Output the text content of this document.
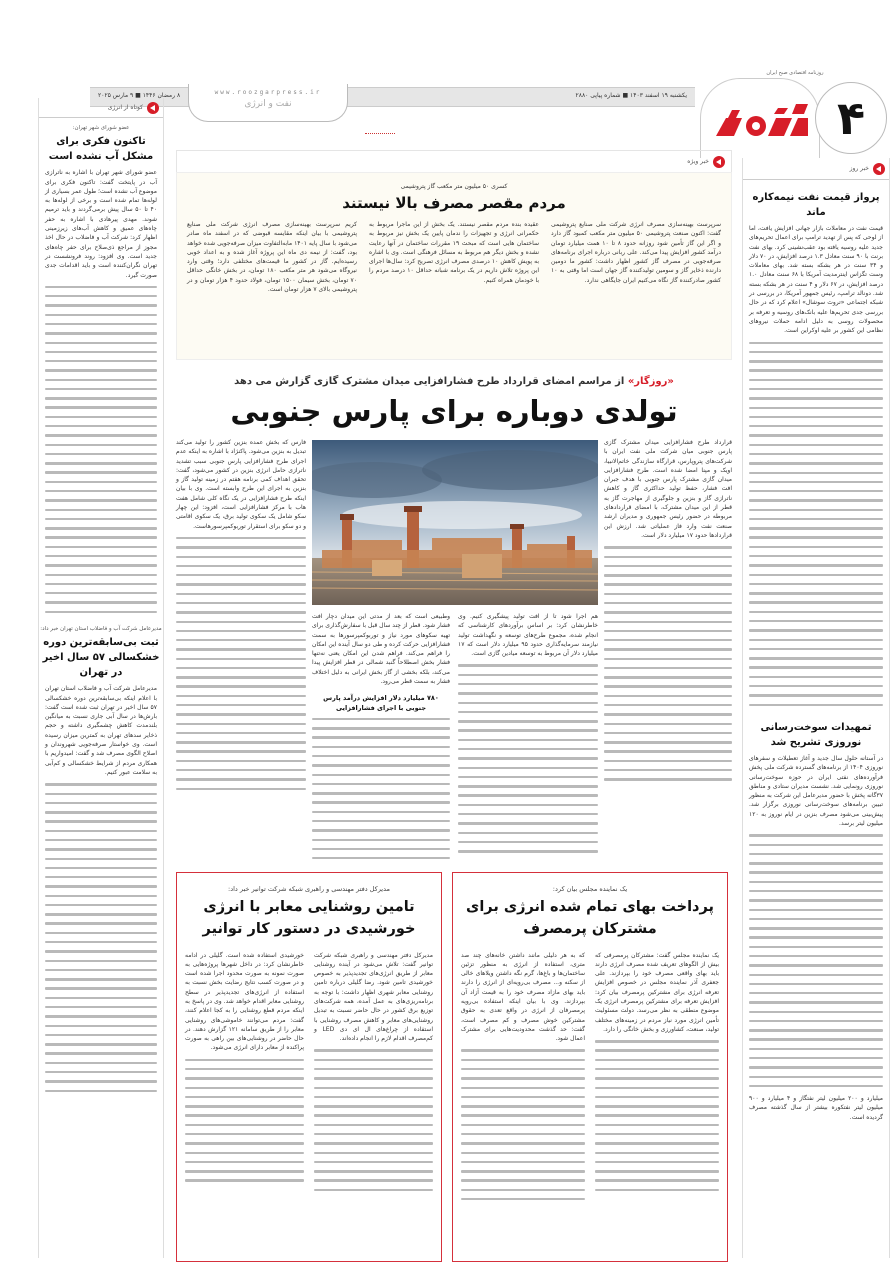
روزنامه اقتصادی صبح ایران
۴
یکشنبه ۱۹ اسفند ۱۴۰۳ ■ شماره پیاپی ۲۸۸۰
۸ رمضان ۱۴۴۶ ■ ۹ مارس ۲۰۲۵	www.roozgarpress.ir
نفت و انرژی
خبر روز
پرواز قیمت نفت نیمه‌کاره ماند

قیمت نفت در معاملات بازار جهانی افزایش یافت، اما از لوحی که پس از تهدید ترامپ برای اعمال تحریم‌های جدید علیه روسیه یافته بود عقب‌نشینی کرد. بهای نفت برنت با ۹۰ سنت معادل ۱.۳ درصد افزایش، در ۷۰ دلار و ۳۴ سنت در هر بشکه بسته شد. بهای معاملات وست تگزاس اینترمدیت آمریکا با ۶۸ سنت معادل ۱.۰ درصد افزایش، در ۶۷ دلار و ۴ سنت در هر بشکه بسته شد. دونالد ترامپ، رئیس جمهور آمریکا، در بررسی در شبکه اجتماعی «تروث سوشال» اعلام کرد که در حال بررسی جدی تحریم‌ها علیه بانک‌های روسیه و تعرفه بر محصولات روسی به دلیل ادامه حملات نیروهای نظامی این کشور بر علیه اوکراین است.

تمهیدات سوخت‌رسانی نوروزی تشریح شد

در آستانه حلول سال جدید و آغاز تعطیلات و سفرهای نوروزی ۱۴۰۴ از برنامه‌های گسترده شرکت ملی پخش فرآورده‌های نفتی ایران در حوزه سوخت‌رسانی نوروزی رونمایی شد. نشست مدیران ستادی و مناطق ۳۷گانه پخش با حضور مدیرعامل این شرکت به منظور تبیین برنامه‌های سوخت‌رسانی نوروزی برگزار شد. پیش‌بینی می‌شود مصرف بنزین در ایام نوروز به ۱۲۰ میلیون لیتر برسد.

میلیارد و ۲۰۰ میلیون لیتر نفتگاز و ۴ میلیارد و ۹۰۰ میلیون لیتر نفتکوره بیشتر از سال گذشته مصرف گردیده است.

کوتاه از انرژی
عضو شورای شهر تهران:
تاکنون فکری برای مشکل آب نشده است

عضو شورای شهر تهران با اشاره به ناترازی آب در پایتخت گفت: تاکنون فکری برای موضوع آب نشده است؛ طول عمر بسیاری از لوله‌ها تمام شده است و برخی از لوله‌ها به ۴۰ تا ۵۰ سال پیش برمی‌گردند و باید ترمیم شوند. مهدی پیرهادی با اشاره به حفر چاه‌های عمیق و کاهش آب‌های زیرزمینی اظهار کرد: شرکت آب و فاضلاب در حال اخذ مجوز از مراجع ذی‌صلاح برای حفر چاه‌های جدید است. وی افزود: روند فرونشست در تهران نگران‌کننده است و باید اقدامات جدی صورت گیرد.

مدیرعامل شرکت آب و فاضلاب استان تهران خبر داد:
ثبت بی‌سابقه‌ترین دوره خشکسالی ۵۷ سال اخیر در تهران

مدیرعامل شرکت آب و فاضلاب استان تهران با اعلام اینکه بی‌سابقه‌ترین دوره خشکسالی ۵۷ سال اخیر در تهران ثبت شده است گفت: بارش‌ها در سال آبی جاری نسبت به میانگین بلندمدت کاهش چشمگیری داشته و حجم ذخایر سدهای تهران به کمترین میزان رسیده است. وی خواستار صرفه‌جویی شهروندان و اصلاح الگوی مصرف شد و گفت: امیدواریم با همکاری مردم از شرایط خشکسالی و کم‌آبی به سلامت عبور کنیم.

خبر ویژه
کسری ۵۰ میلیون متر مکعب گاز پتروشیمی
مردم مقصر مصرف بالا نیستند

سرپرست بهینه‌سازی مصرف انرژی شرکت ملی صنایع پتروشیمی گفت: اکنون صنعت پتروشیمی ۵۰ میلیون متر مکعب کمبود گاز دارد و اگر این گاز تأمین شود روزانه حدود ۸ تا ۱۰ همت میلیارد تومان درآمد کشور افزایش پیدا می‌کند. علی ربانی درباره اجرای برنامه‌های صرفه‌جویی در مصرف گاز کشور اظهار داشت: کشور ما دومین دارنده ذخایر گاز و سومین تولیدکننده گاز جهان است اما وقتی به ۱۰ کشور صادرکننده گاز نگاه می‌کنیم ایران جایگاهی ندارد.

عقیده بنده مردم مقصر نیستند. یک بخش از این ماجرا مربوط به حکمرانی انرژی و تجهیزات را ندمان پایین یک بخش نیز مربوط به ساختمان هایی است که مبحث ۱۹ مقررات ساختمان در آنها رعایت نشده و بخش دیگر هم مربوط به مسائل فرهنگی است. وی با اشاره به پویش کاهش ۱۰ درصدی مصرف انرژی تصریح کرد: سال‌ها اجرای این پروژه تلاش داریم در یک برنامه شبانه حداقل ۱۰ درصد مردم را با خودمان همراه کنیم.

کریم سرپرست بهینه‌سازی مصرف انرژی شرکت ملی صنایع پتروشیمی با بیان اینکه مقایسه قبوضی که در اسفند ماه صادر می‌شود با سال پایه ۱۴۰۱ مابه‌التفاوت میزان صرفه‌جویی شده خواهد بود، گفت: از نیمه دی ماه این پروژه آغاز شده و به اعداد خوبی رسیده‌ایم. گاز در کشور ما قیمت‌های مختلفی دارد؛ وقتی وارد نیروگاه می‌شود هر متر مکعب ۱۸۰ تومان، در بخش خانگی حداقل ۷۰ تومان، بخش سیمان ۱۵۰۰ تومان، فولاد حدود ۴ هزار تومان و در پتروشیمی بالای ۷ هزار تومان است.

«روزگار» از مراسم امضای قرارداد طرح فشارافزایی میدان مشترک گازی گزارش می دهد
تولدی دوباره برای پارس جنوبی

قرارداد طرح فشارافزایی میدان مشترک گازی پارس جنوبی میان شرکت ملی نفت ایران با شرکت‌های پتروپارس، قرارگاه سازندگی خاتم‌الانبیا، اویک و مپنا امضا شده است. طرح فشارافزایی میدان گازی مشترک پارس جنوبی با هدف جبران افت فشار، حفظ تولید حداکثری گاز و کاهش ناترازی گاز و بنزین و جلوگیری از مهاجرت گاز به قطر از این میدان مشترک، با امضای قراردادهای مربوطه در حضور رئیس جمهوری و مدیران ارشد صنعت نفت وارد فاز عملیاتی شد. ارزش این قراردادها حدود ۱۷ میلیارد دلار است.

فارس که بخش عمده بنزین کشور را تولید می‌کند تبدیل به بنزین می‌شود. پاکنژاد با اشاره به اینکه عدم اجرای طرح فشارافزایی پارس جنوبی سبب تشدید ناترازی حامل انرژی بنزین در کشور می‌شود، گفت: تحقق اهداف کمی برنامه هفتم در زمینه تولید گاز و بنزین به اجرای این طرح وابسته است. وی با بیان اینکه طرح فشارافزایی در یک نگاه کلی شامل هفت هاب با مرکز فشارافزایی است، افزود: این چهار سکو شامل یک سکوی تولید برق، یک سکوی اقامتی و دو سکو برای استقرار توربوکمپرسورهاست.

هم اجرا شود تا از افت تولید پیشگیری کنیم. وی خاطرنشان کرد: بر اساس برآوردهای کارشناسی که انجام شده، مجموع طرح‌های توسعه و نگهداشت تولید نیازمند سرمایه‌گذاری حدود ۹۵ میلیارد دلار است که ۱۷ میلیارد دلار آن مربوط به توسعه میادین گازی است.

وطبیعی است که بعد از مدتی این میدان دچار افت فشار شود. قطر از چند سال قبل با سفارش‌گذاری برای تهیه سکوهای مورد نیاز و توربوکمپرسورها به سمت فشارافزایی حرکت کرده و طی دو سال آینده این امکان را فراهم می‌کند. فراهم شدن این امکان یعنی نه‌تنها فشار بخش اصطلاحاً گنبد شمالی در قطر افزایش پیدا می‌کند، بلکه بخشی از گاز بخش ایرانی به دلیل اختلاف فشار به سمت قطر می‌رود.

۷۸۰ میلیارد دلار افزایش درآمد پارس جنوبی با اجرای فشارافزایی
یک نماینده مجلس بیان کرد:
پرداخت بهای تمام شده انرژی برای مشترکان پرمصرف

یک نماینده مجلس گفت: مشترکان پرمصرفی که بیش از الگوهای تعریف شده مصرف انرژی دارند باید بهای واقعی مصرف خود را بپردازند. علی جعفری آذر نماینده مجلس در خصوص افزایش تعرفه انرژی برای مشترکین پرمصرف بیان کرد: افزایش تعرفه برای مشترکین پرمصرف انرژی یک موضوع منطقی به نظر می‌رسد. دولت مسئولیت تأمین انرژی مورد نیاز مردم در زمینه‌های مختلف تولید، صنعت، کشاورزی و بخش خانگی را دارد.

که به هر دلیلی مانند داشتن خانه‌های چند صد متری، استفاده از انرژی به منظور تزئین ساختمان‌ها و باغ‌ها، گرم نگه داشتن ویلاهای خالی از سکنه و... مصرف بی‌رویه‌ای از انرژی را دارند باید بهای مازاد مصرف خود را به قیمت آزاد آن بپردازند. وی با بیان اینکه استفاده بی‌رویه پرمصرفان از انرژی در واقع تعدی به حقوق مشترکین خوش مصرف و کم مصرف است، گفت: حد گذشت محدودیت‌هایی برای مشترک اعمال شود.

مدیرکل دفتر مهندسی و راهبری شبکه شرکت توانیر خبر داد:
تامین روشنایی معابر با انرژی خورشیدی در دستور کار توانیر

مدیرکل دفتر مهندسی و راهبری شبکه شرکت توانیر گفت: تلاش می‌شود در آینده روشنایی معابر از طریق انرژی‌های تجدیدپذیر به خصوص خورشیدی تامین شود. رضا گلیلی درباره تامین روشنایی معابر شهری اظهار داشت: با توجه به برنامه‌ریزی‌های به عمل آمده، همه شرکت‌های توزیع برق کشور در حال حاضر نسبت به تبدیل روشنایی‌های معابر و کاهش مصرف روشنایی با استفاده از چراغ‌های ال ای دی LED و کم‌مصرف اقدام لازم را انجام داده‌اند.

خورشیدی استفاده شده است. گلیلی در ادامه خاطرنشان کرد: در داخل شهرها پروژه‌هایی به صورت نمونه به صورت محدود اجرا شده است و در صورت کسب نتایج رضایت بخش نسبت به استفاده از انرژی‌های تجدیدپذیر در سطح روشنایی معابر اقدام خواهد شد. وی در پاسخ به اینکه مردم قطع روشنایی را به کجا اعلام کنند، گفت: مردم می‌توانند خاموشی‌های روشنایی معابر را از طریق سامانه ۱۲۱ گزارش دهند. در حال حاضر در روشنایی‌های بین راهی به صورت پراکنده از معابر دارای انرژی می‌شود.
